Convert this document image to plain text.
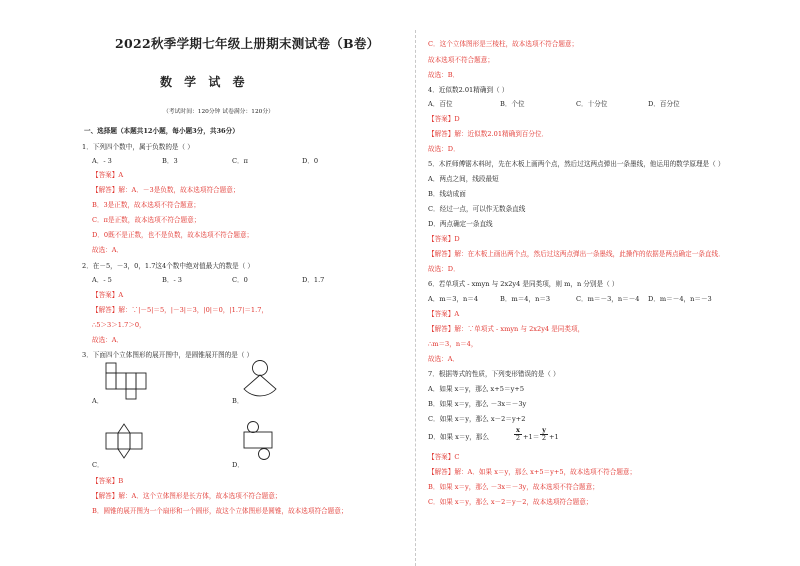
2022秋季学期七年级上册期末测试卷（B卷）
数 学 试 卷
（考试时间：120分钟 试卷满分：120分）
一、选择题（本题共12小题，每小题3分，共36分）
1．下列四个数中，属于负数的是（ ）
A．- 3	B．3	C．π	D．0
【答案】A
【解答】解：A．－3是负数，故本选项符合题意；
B．3是正数，故本选项不符合题意；
C．π是正数，故本选项不符合题意；
D．0既不是正数，也不是负数，故本选项不符合题意；
故选：A．
2．在－5，－3，0，1.7这4个数中绝对值最大的数是（ ）
A．- 5	B．- 3	C．0	D．1.7
【答案】A
【解答】解：∵|－5|＝5，|－3|＝3，|0|＝0，|1.7|＝1.7，
∴5＞3＞1.7＞0，
故选：A．
3．下面四个立体图形的展开图中，是圆锥展开图的是（ ）
A．	B．
C．	D．
【答案】B
【解答】解：A．这个立体图形是长方体，故本选项不符合题意；
B．圆锥的展开图为一个扇形和一个圆形，故这个立体图形是圆锥，故本选项符合题意；
C．这个立体图形是三棱柱，故本选项不符合题意；
故本选项不符合题意；
故选：B．
4．近似数2.01精确到（ ）
A．百位	B．个位	C．十分位	D．百分位
【答案】D
【解答】解：近似数2.01精确到百分位．
故选：D．
5．木匠师傅锯木料时，先在木板上画两个点，然后过这两点弹出一条墨线，他运用的数学原理是（ ）
A．两点之间，线段最短
B．线动成面
C．经过一点，可以作无数条直线
D．两点确定一条直线
【答案】D
【解答】解：在木板上画出两个点，然后过这两点弹出一条墨线，此操作的依据是两点确定一条直线．
故选：D．
6．若单项式 - xmyn 与 2x2y4 是同类项，则 m，n 分别是（ ）
A．m＝3，n＝4	B．m＝4，n＝3	C．m＝－3，n＝－4 D．m＝－4，n＝－3
【答案】A
【解答】解：∵单项式 - xmyn 与 2x2y4 是同类项，
∴m＝3，n＝4，
故选：A．
7．根据等式的性质，下列变形错误的是（ ）
A．如果 x＝y，那么 x+5＝y+5
B．如果 x＝y，那么 －3x＝－3y
C．如果 x＝y，那么 x－2＝y+2
D．如果 x＝y，那么
x
2 +1＝
y
2 +1
【答案】C
【解答】解：A．如果 x＝y，那么 x+5＝y+5，故本选项不符合题意；
B．如果 x＝y，那么 －3x＝－3y，故本选项不符合题意；
C．如果 x＝y，那么 x－2＝y－2，故本选项符合题意；
